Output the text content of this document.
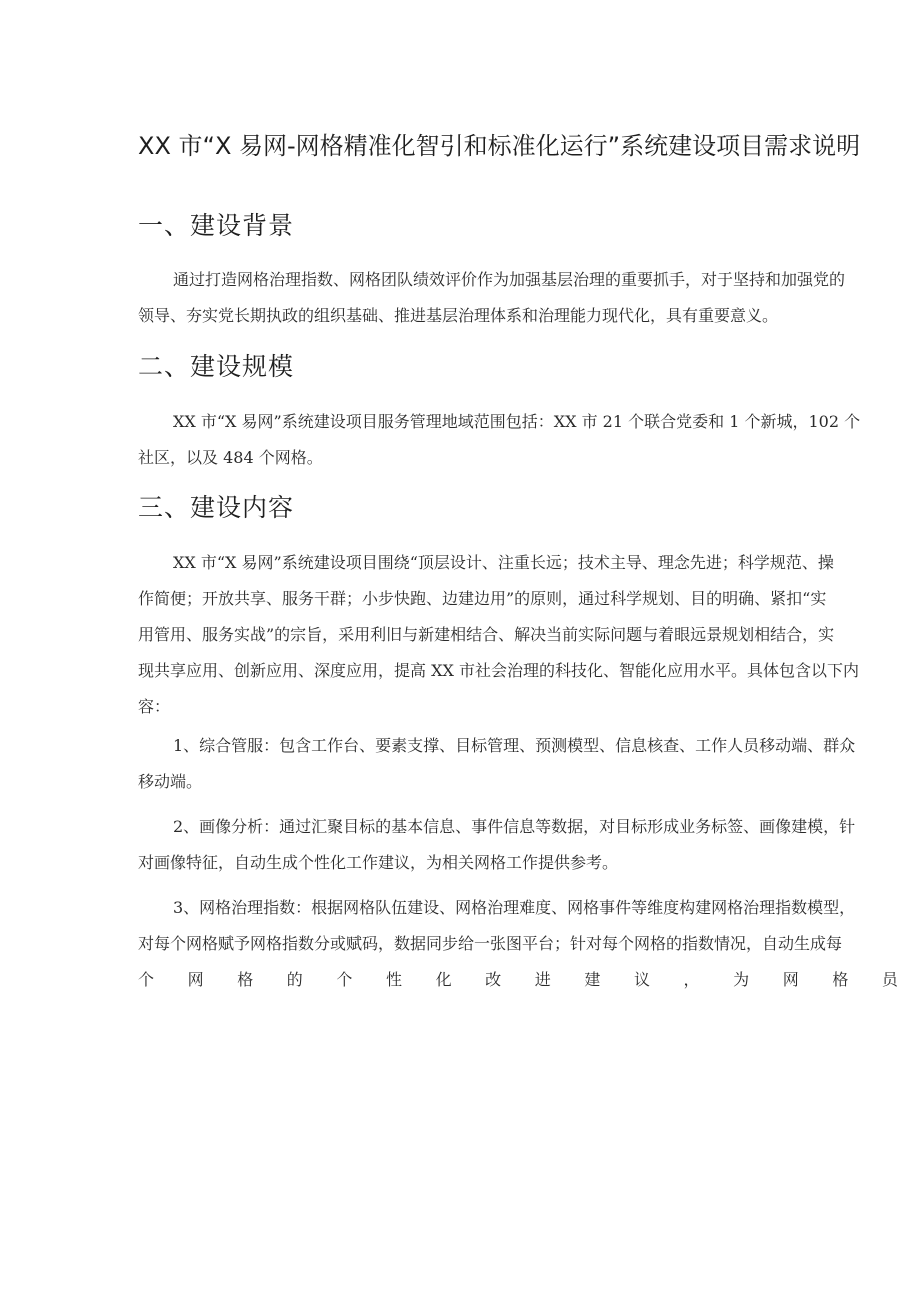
XX 市“X 易网-网格精准化智引和标准化运行”系统建设项目需求说明
一、建设背景
通过打造网格治理指数、网格团队绩效评价作为加强基层治理的重要抓手，对于坚持和加强党的
领导、夯实党长期执政的组织基础、推进基层治理体系和治理能力现代化，具有重要意义。
二、建设规模
XX 市“X 易网”系统建设项目服务管理地域范围包括：XX 市 21 个联合党委和 1 个新城，102 个
社区，以及 484 个网格。
三、建设内容
XX 市“X 易网”系统建设项目围绕“顶层设计、注重长远；技术主导、理念先进；科学规范、操
作简便；开放共享、服务干群；小步快跑、边建边用”的原则，通过科学规划、目的明确、紧扣“实
用管用、服务实战”的宗旨，采用利旧与新建相结合、解决当前实际问题与着眼远景规划相结合，实
现共享应用、创新应用、深度应用，提高 XX 市社会治理的科技化、智能化应用水平。具体包含以下内
容：
1、综合管服：包含工作台、要素支撑、目标管理、预测模型、信息核查、工作人员移动端、群众
移动端。
2、画像分析：通过汇聚目标的基本信息、事件信息等数据，对目标形成业务标签、画像建模，针
对画像特征，自动生成个性化工作建议，为相关网格工作提供参考。
3、网格治理指数：根据网格队伍建设、网格治理难度、网格事件等维度构建网格治理指数模型，
对每个网格赋予网格指数分或赋码，数据同步给一张图平台；针对每个网格的指数情况，自动生成每
个 网 格 的 个 性 化 改 进 建 议 ， 为 网 格 员
